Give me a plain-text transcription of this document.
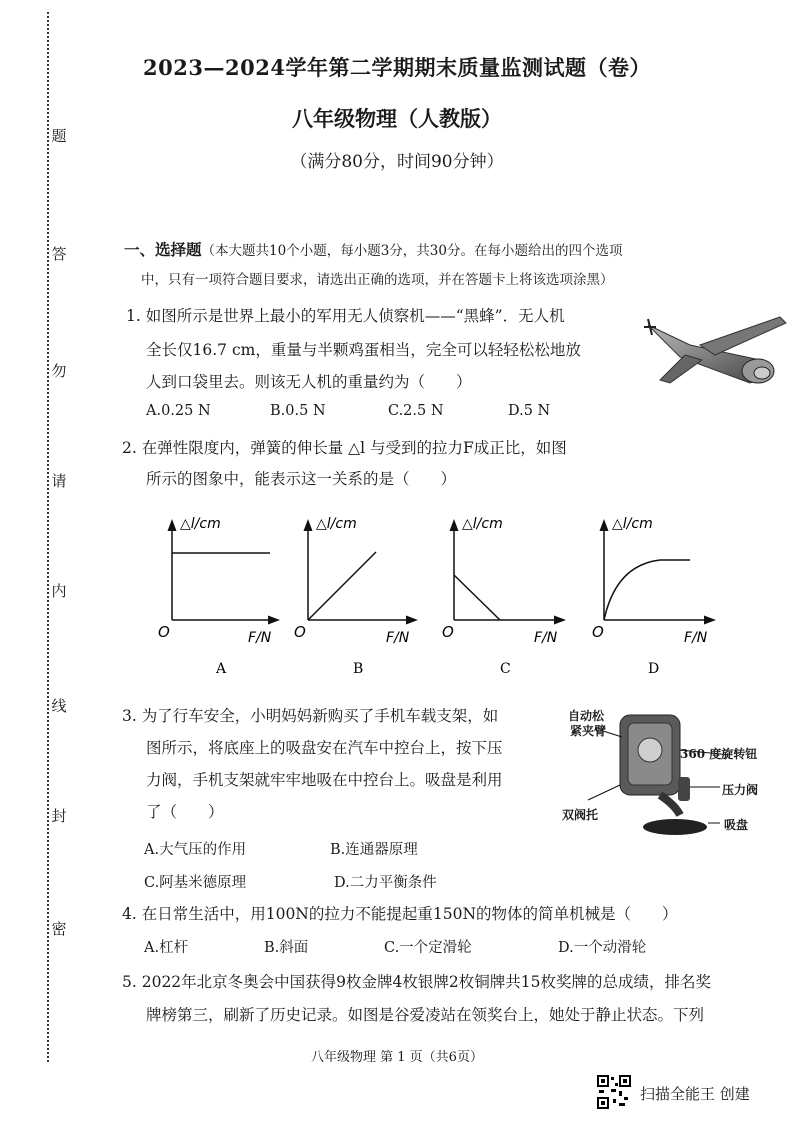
题
答
勿
请
内
线
封
密
2023—2024学年第二学期期末质量监测试题（卷）
八年级物理（人教版）
（满分80分，时间90分钟）
一、选择题（本大题共10个小题，每小题3分，共30分。在每小题给出的四个选项
中，只有一项符合题目要求，请选出正确的选项，并在答题卡上将该选项涂黑）
1. 如图所示是世界上最小的军用无人侦察机——“黑蜂”．无人机
全长仅16.7 cm，重量与半颗鸡蛋相当，完全可以轻轻松松地放
人到口袋里去。则该无人机的重量约为（　　）
A.0.25 N	B.0.5 N	C.2.5 N	D.5 N
2. 在弹性限度内，弹簧的伸长量 △l 与受到的拉力F成正比，如图
所示的图象中，能表示这一关系的是（　　）
△l/cm
O	F/N
A
△l/cm
O	F/N
B
△l/cm
O	F/N
C
△l/cm
O	F/N
D
3. 为了行车安全，小明妈妈新购买了手机车载支架，如
图所示，将底座上的吸盘安在汽车中控台上，按下压
力阀，手机支架就牢牢地吸在中控台上。吸盘是利用
了（　　）
A.大气压的作用	B.连通器原理
C.阿基米德原理	D.二力平衡条件
自动松
紧夹臂
360 度旋转钮
压力阀
双阀托
吸盘
4. 在日常生活中，用100N的拉力不能提起重150N的物体的简单机械是（　　）
A.杠杆	B.斜面	C.一个定滑轮	D.一个动滑轮
5. 2022年北京冬奥会中国获得9枚金牌4枚银牌2枚铜牌共15枚奖牌的总成绩，排名奖
牌榜第三，刷新了历史记录。如图是谷爱凌站在领奖台上，她处于静止状态。下列
八年级物理 第 1 页（共6页）
扫描全能王 创建
